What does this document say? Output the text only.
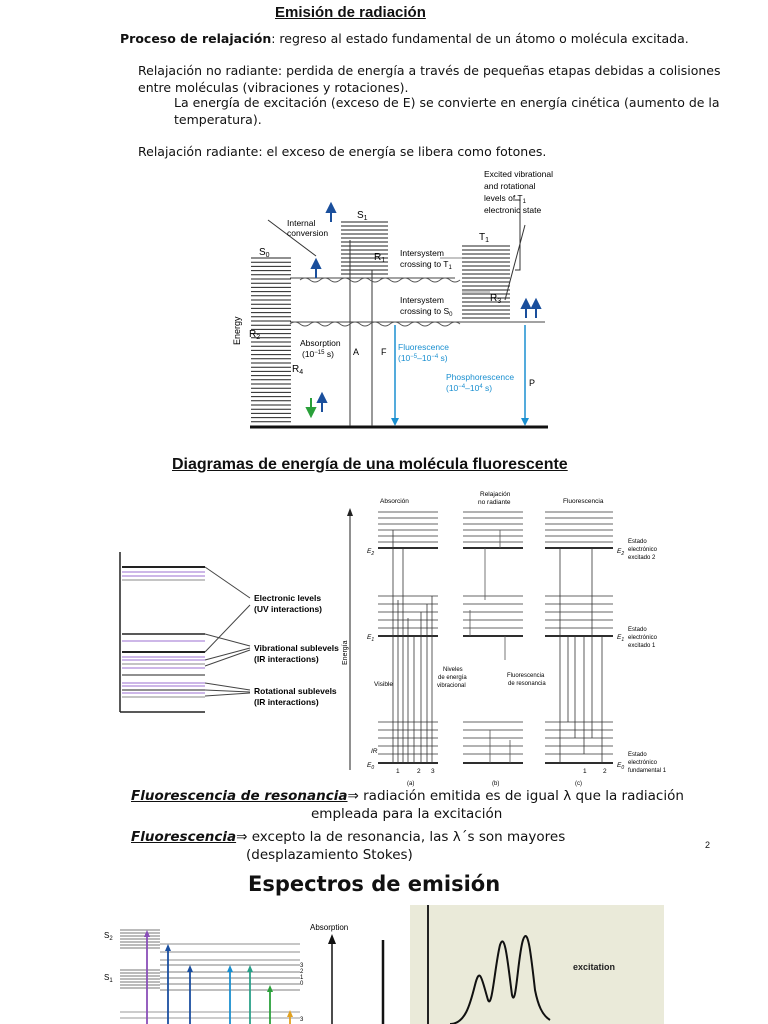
Emisión de radiación
Proceso de relajación: regreso al estado fundamental de un átomo o molécula excitada.
Relajación no radiante: perdida de energía a través de pequeñas etapas debidas a colisiones
entre moléculas (vibraciones y rotaciones).
La energía de excitación (exceso de E) se convierte en energía cinética (aumento de la
temperatura).
Relajación radiante: el exceso de energía se libera como fotones.
Energy
$S_0$
$S_1$
$T_1$
Internal conversion
Excited vibrational and rotational levels of $T_1$ electronic state
Intersystem crossing to $T_1$
Intersystem crossing to $S_0$
$R_1$
$R_2$
$R_3$
$R_4$
Absorption ($10^{-15}$ s)	A F
P
Fluorescence ($10^{-5}-10^{-4}$ s)
Phosphorescence ($10^{-4}-10^4$ s)
Diagramas de energía de una molécula fluorescente
Electronic levels (UV interactions)
Vibrational sublevels (IR interactions)
Rotational sublevels (IR interactions)
Energía
Absorción
Relajación no radiante	Fluorescencia
Visible
IR
Niveles de energía vibracional
Fluorescencia de resonancia
Estado electrónico excitado 2
Estado electrónico excitado 1
Estado electrónico fundamental 1
$E_2$
$E_1$
$E_0$
$E_2$
$E_1$
$E_0$
(a)	(b)	(c)
1	2 3	1	2
Fluorescencia de resonancia⇒ radiación emitida es de igual λ que la radiación
empleada para la excitación
Fluorescencia⇒ excepto la de resonancia, las λ´s son mayores
(desplazamiento Stokes)
2
Espectros de emisión
$S_2$
$S_1$
Absorption
3
2
1
0
3
excitation
